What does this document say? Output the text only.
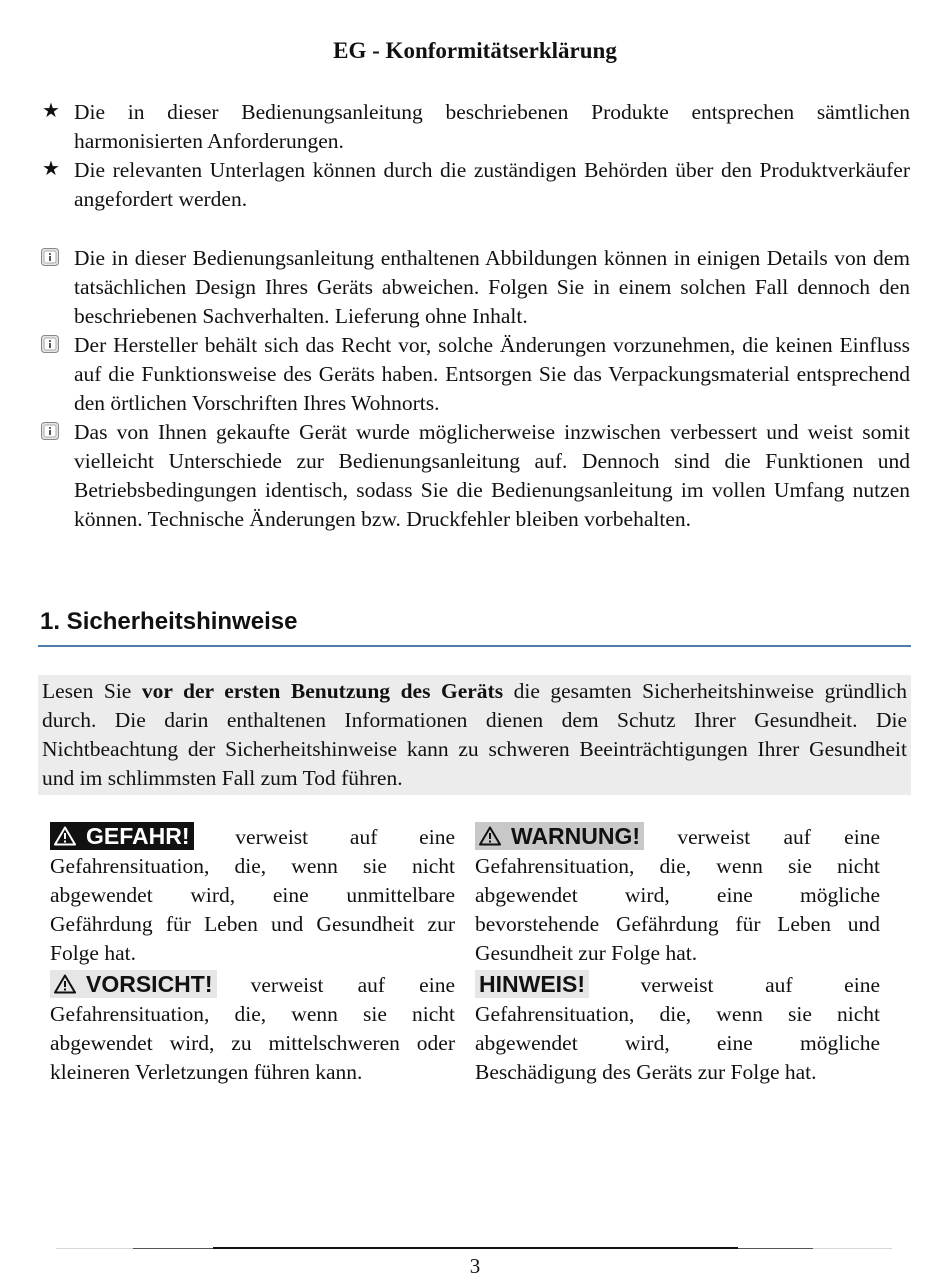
EG - Konformitätserklärung
★ Die in dieser Bedienungsanleitung beschriebenen Produkte entsprechen sämtlichen harmonisierten Anforderungen.

★ Die relevanten Unterlagen können durch die zuständigen Behörden über den Produktverkäufer angefordert werden.

Die in dieser Bedienungsanleitung enthaltenen Abbildungen können in einigen Details von dem tatsächlichen Design Ihres Geräts abweichen. Folgen Sie in einem solchen Fall dennoch den beschriebenen Sachverhalten. Lieferung ohne Inhalt.

Der Hersteller behält sich das Recht vor, solche Änderungen vorzunehmen, die keinen Einfluss auf die Funktionsweise des Geräts haben. Entsorgen Sie das Verpackungsmaterial entsprechend den örtlichen Vorschriften Ihres Wohnorts.

Das von Ihnen gekaufte Gerät wurde möglicherweise inzwischen verbessert und weist somit vielleicht Unterschiede zur Bedienungsanleitung auf. Dennoch sind die Funktionen und Betriebsbedingungen identisch, sodass Sie die Bedienungsanleitung im vollen Umfang nutzen können. Technische Änderungen bzw. Druckfehler bleiben vorbehalten.

1. Sicherheitshinweise

Lesen Sie vor der ersten Benutzung des Geräts die gesamten Sicherheitshinweise gründlich durch. Die darin enthaltenen Informationen dienen dem Schutz Ihrer Gesundheit. Die Nichtbeachtung der Sicherheitshinweise kann zu schweren Beeinträchtigungen Ihrer Gesundheit und im schlimmsten Fall zum Tod führen.

GEFAHR! verweist auf eine Gefahrensituation, die, wenn sie nicht abgewendet wird, eine unmittelbare Gefährdung für Leben und Gesundheit zur Folge hat.

WARNUNG! verweist auf eine Gefahrensituation, die, wenn sie nicht abgewendet wird, eine mögliche bevorstehende Gefährdung für Leben und Gesundheit zur Folge hat.

VORSICHT! verweist auf eine Gefahrensituation, die, wenn sie nicht abgewendet wird, zu mittelschweren oder kleineren Verletzungen führen kann.

HINWEIS! verweist auf eine Gefahrensituation, die, wenn sie nicht abgewendet wird, eine mögliche Beschädigung des Geräts zur Folge hat.

3
